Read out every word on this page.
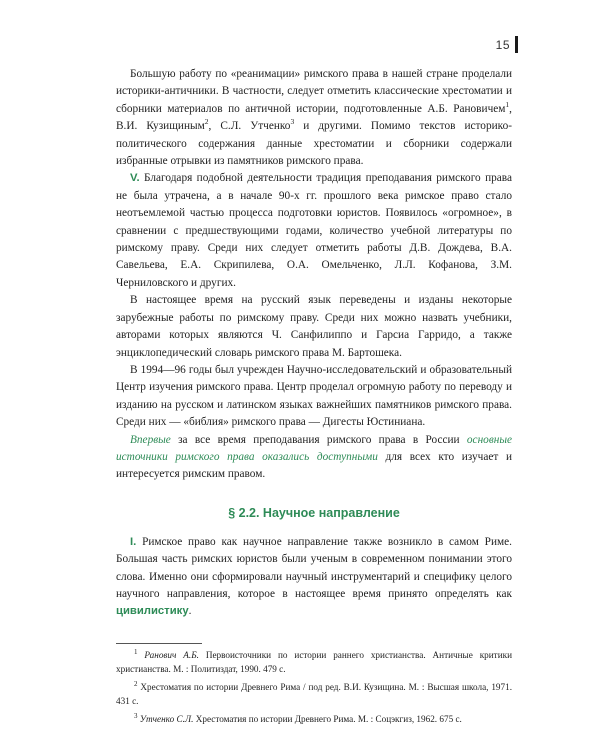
15

Большую работу по «реанимации» римского права в нашей стране проделали историки-античники. В частности, следует отметить классические хрестоматии и сборники материалов по античной истории, подготовленные А.Б. Рановичем$^1$, В.И. Кузищиным$^2$, С.Л. Утченко$^3$ и другими. Помимо текстов историко-политического содержания данные хрестоматии и сборники содержали избранные отрывки из памятников римского права.

V. Благодаря подобной деятельности традиция преподавания римского права не была утрачена, а в начале 90-х гг. прошлого века римское право стало неотъемлемой частью процесса подготовки юристов. Появилось «огромное», в сравнении с предшествующими годами, количество учебной литературы по римскому праву. Среди них следует отметить работы Д.В. Дождева, В.А. Савельева, Е.А. Скрипилева, О.А. Омельченко, Л.Л. Кофанова, З.М. Черниловского и других.

В настоящее время на русский язык переведены и изданы некоторые зарубежные работы по римскому праву. Среди них можно назвать учебники, авторами которых являются Ч. Санфилиппо и Гарсиа Гарридо, а также энциклопедический словарь римского права М. Бартошека.

В 1994—96 годы был учрежден Научно-исследовательский и образовательный Центр изучения римского права. Центр проделал огромную работу по переводу и изданию на русском и латинском языках важнейших памятников римского права. Среди них — «библия» римского права — Дигесты Юстиниана.

Впервые за все время преподавания римского права в России основные источники римского права оказались доступными для всех кто изучает и интересуется римским правом.

§ 2.2. Научное направление

I. Римское право как научное направление также возникло в самом Риме. Большая часть римских юристов были ученым в современном понимании этого слова. Именно они сформировали научный инструментарий и специфику целого научного направления, которое в настоящее время принято определять как цивилистику.

$^1$ Ранович А.Б. Первоисточники по истории раннего христианства. Античные критики христианства. М. : Политиздат, 1990. 479 с.

$^2$ Хрестоматия по истории Древнего Рима / под ред. В.И. Кузищина. М. : Высшая школа, 1971. 431 с.

$^3$ Утченко С.Л. Хрестоматия по истории Древнего Рима. М. : Соцэкгиз, 1962. 675 с.
